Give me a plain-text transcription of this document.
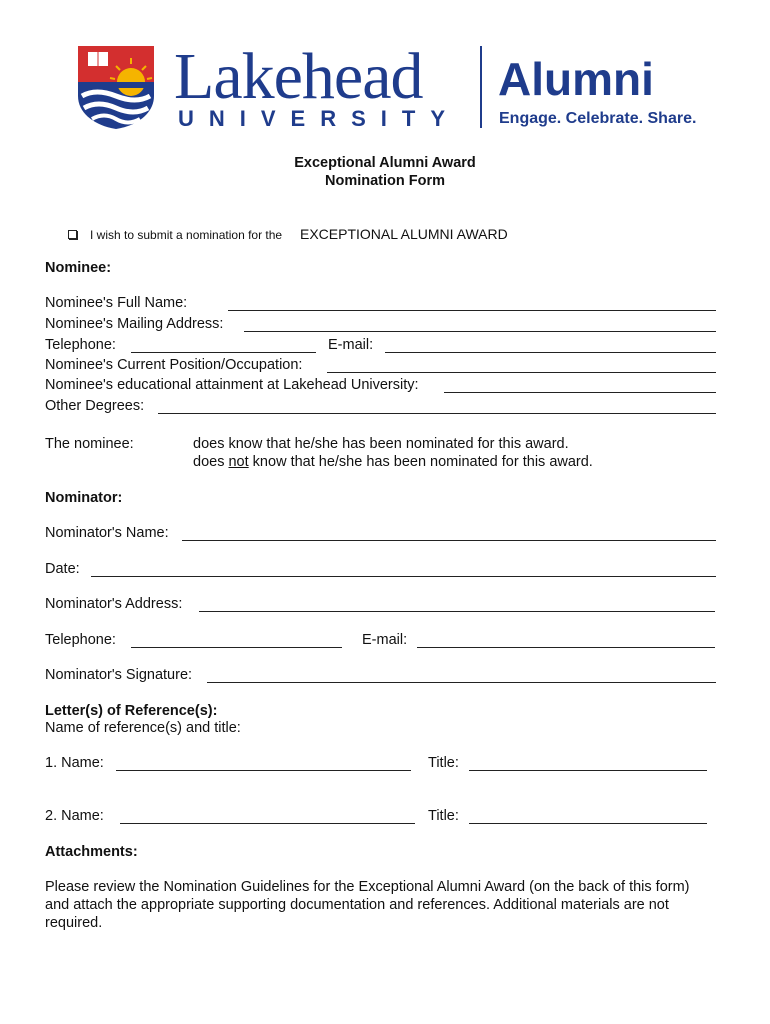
Lakehead
UNIVERSITY
Alumni
Engage. Celebrate. Share.
Exceptional Alumni Award
Nomination Form
I wish to submit a nomination for the EXCEPTIONAL ALUMNI AWARD
Nominee:
Nominee's Full Name:
Nominee's Mailing Address:
Telephone:	E-mail:
Nominee's Current Position/Occupation:
Nominee's educational attainment at Lakehead University:
Other Degrees:
The nominee:	does know that he/she has been nominated for this award.
does not know that he/she has been nominated for this award.
Nominator:
Nominator's Name:
Date:
Nominator's Address:
Telephone:	E-mail:
Nominator's Signature:
Letter(s) of Reference(s):
Name of reference(s) and title:
1. Name:	Title:
2. Name:	Title:
Attachments:
Please review the Nomination Guidelines for the Exceptional Alumni Award (on the back of this form)
and attach the appropriate supporting documentation and references. Additional materials are not
required.
